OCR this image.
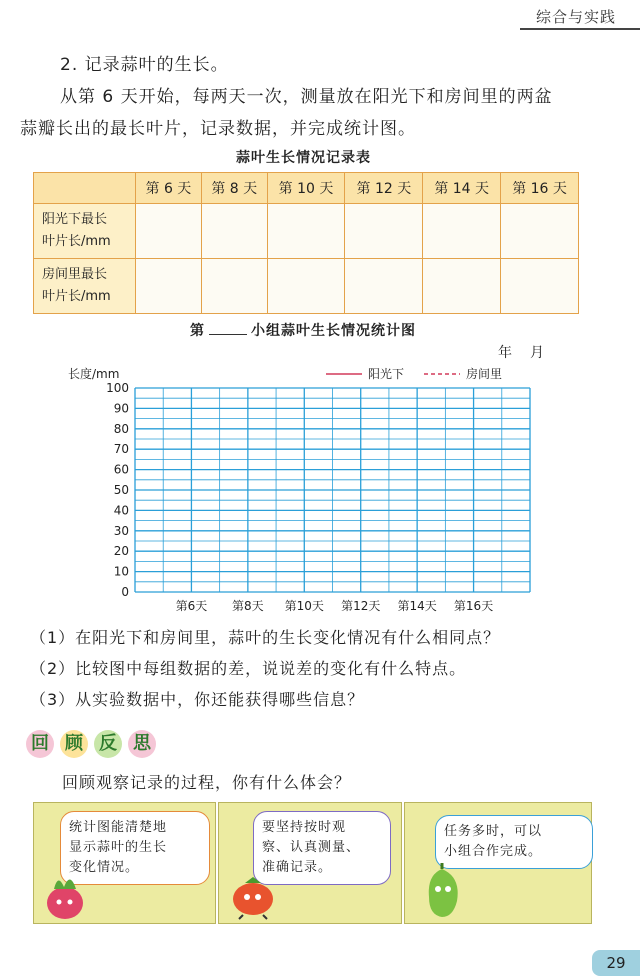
综合与实践
2. 记录蒜叶的生长。
从第 6 天开始，每两天一次，测量放在阳光下和房间里的两盆
蒜瓣长出的最长叶片，记录数据，并完成统计图。
蒜叶生长情况记录表
	第 6 天	第 8 天	第 10 天	第 12 天	第 14 天	第 16 天

阳光下最长
叶片长/mm						

房间里最长
叶片长/mm						

第	小组蒜叶生长情况统计图
年 月
0
10
20
30
40
50
60
70
80
90
100
第6天 第8天 第10天 第12天 第14天 第16天
长度/mm	阳光下	房间里
（1）在阳光下和房间里，蒜叶的生长变化情况有什么相同点？
（2）比较图中每组数据的差，说说差的变化有什么特点。
（3）从实验数据中，你还能获得哪些信息？
回 顾 反 思
回顾观察记录的过程，你有什么体会？
统计图能清楚地
显示蒜叶的生长
变化情况。
要坚持按时观
察、认真测量、
准确记录。
任务多时，可以
小组合作完成。
29
